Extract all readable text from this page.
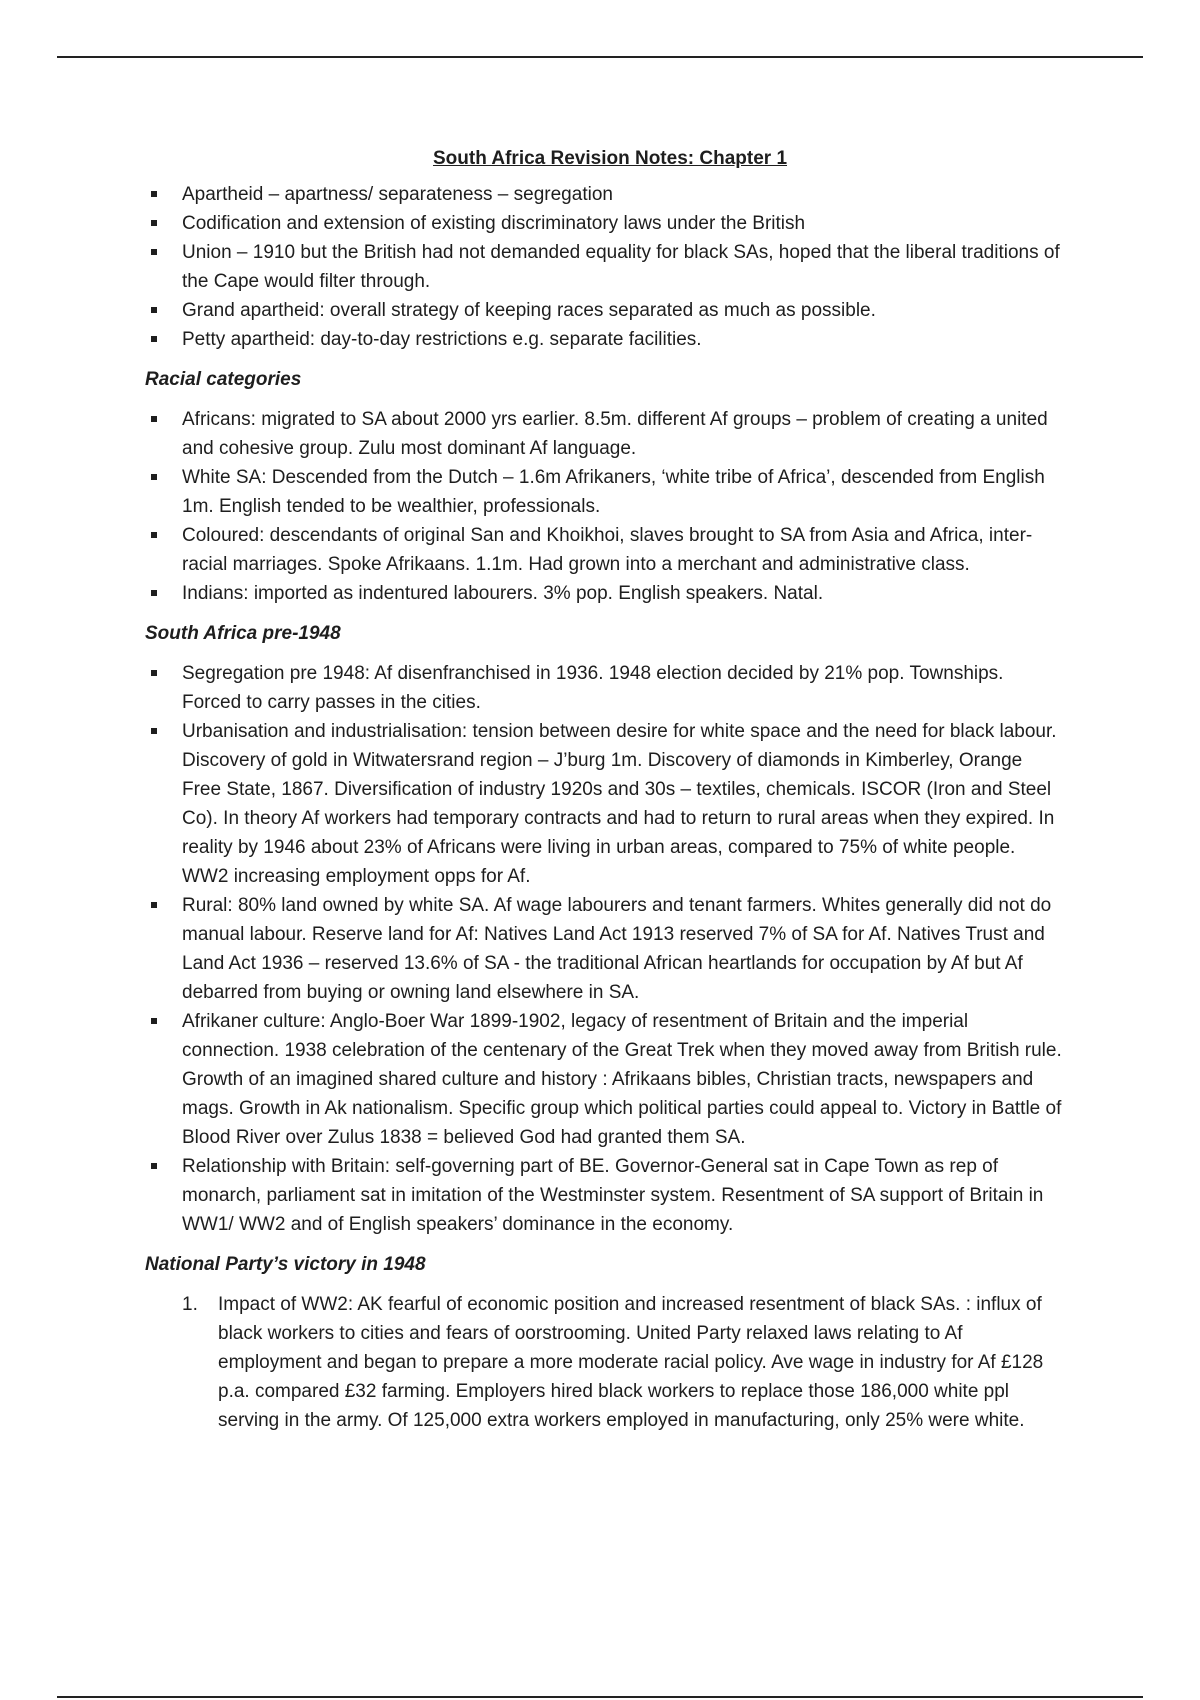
South Africa Revision Notes: Chapter 1
Apartheid – apartness/ separateness – segregation
Codification and extension of existing discriminatory laws under the British
Union – 1910 but the British had not demanded equality for black SAs, hoped that the liberal traditions of the Cape would filter through.
Grand apartheid: overall strategy of keeping races separated as much as possible.
Petty apartheid: day-to-day restrictions e.g. separate facilities.
Racial categories
Africans: migrated to SA about 2000 yrs earlier. 8.5m. different Af groups – problem of creating a united and cohesive group. Zulu most dominant Af language.
White SA: Descended from the Dutch – 1.6m Afrikaners, ‘white tribe of Africa’, descended from English 1m. English tended to be wealthier, professionals.
Coloured: descendants of original San and Khoikhoi, slaves brought to SA from Asia and Africa, inter-racial marriages. Spoke Afrikaans. 1.1m. Had grown into a merchant and administrative class.
Indians: imported as indentured labourers. 3% pop. English speakers. Natal.
South Africa pre-1948
Segregation pre 1948: Af disenfranchised in 1936. 1948 election decided by 21% pop. Townships. Forced to carry passes in the cities.
Urbanisation and industrialisation: tension between desire for white space and the need for black labour. Discovery of gold in Witwatersrand region – J’burg 1m. Discovery of diamonds in Kimberley, Orange Free State, 1867. Diversification of industry 1920s and 30s – textiles, chemicals. ISCOR (Iron and Steel Co). In theory Af workers had temporary contracts and had to return to rural areas when they expired. In reality by 1946 about 23% of Africans were living in urban areas, compared to 75% of white people. WW2 increasing employment opps for Af.
Rural: 80% land owned by white SA. Af wage labourers and tenant farmers. Whites generally did not do manual labour. Reserve land for Af: Natives Land Act 1913 reserved 7% of SA for Af. Natives Trust and Land Act 1936 – reserved 13.6% of SA - the traditional African heartlands for occupation by Af but Af debarred from buying or owning land elsewhere in SA.
Afrikaner culture: Anglo-Boer War 1899-1902, legacy of resentment of Britain and the imperial connection. 1938 celebration of the centenary of the Great Trek when they moved away from British rule. Growth of an imagined shared culture and history : Afrikaans bibles, Christian tracts, newspapers and mags. Growth in Ak nationalism. Specific group which political parties could appeal to. Victory in Battle of Blood River over Zulus 1838 = believed God had granted them SA.
Relationship with Britain: self-governing part of BE. Governor-General sat in Cape Town as rep of monarch, parliament sat in imitation of the Westminster system. Resentment of SA support of Britain in WW1/ WW2 and of English speakers’ dominance in the economy.
National Party’s victory in 1948
1. Impact of WW2: AK fearful of economic position and increased resentment of black SAs. : influx of black workers to cities and fears of oorstrooming. United Party relaxed laws relating to Af employment and began to prepare a more moderate racial policy. Ave wage in industry for Af £128 p.a. compared £32 farming. Employers hired black workers to replace those 186,000 white ppl serving in the army. Of 125,000 extra workers employed in manufacturing, only 25% were white.
